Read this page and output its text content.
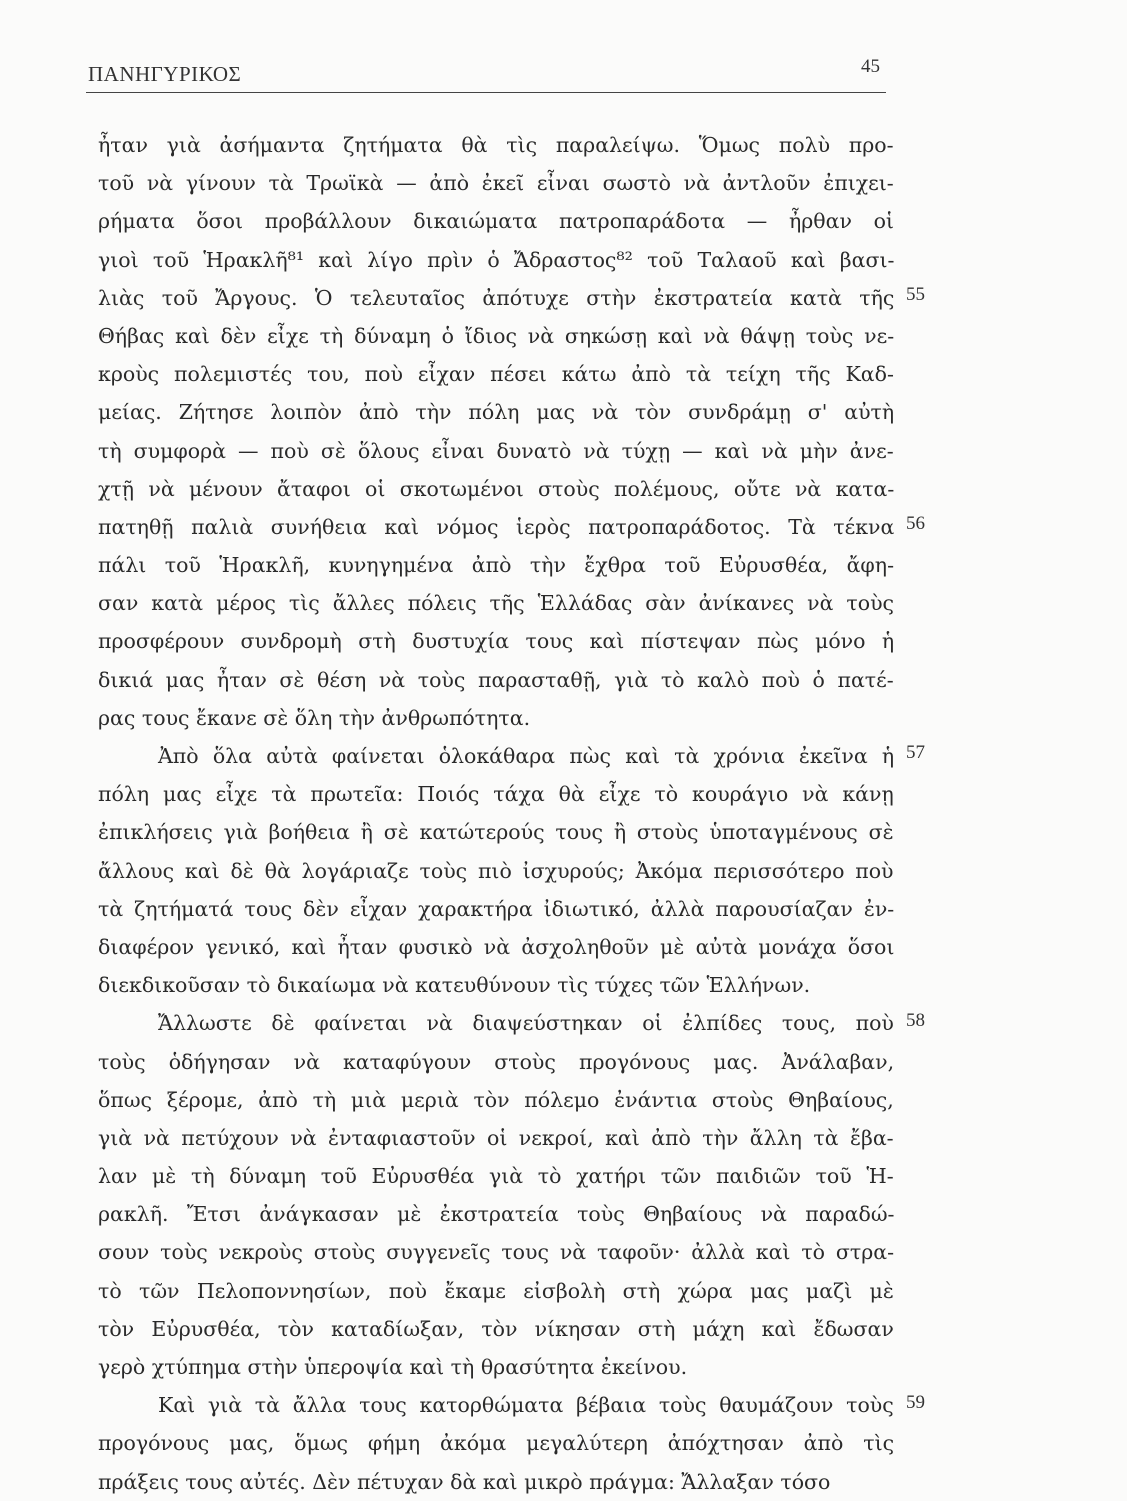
ΠΑΝΗΓΥΡΙΚΟΣ	45
ἦταν γιὰ ἀσήμαντα ζητήματα θὰ τὶς παραλείψω. Ὅμως πολὺ προ-
τοῦ νὰ γίνουν τὰ Τρωϊκὰ — ἀπὸ ἐκεῖ εἶναι σωστὸ νὰ ἀντλοῦν ἐπιχει-
ρήματα ὅσοι προβάλλουν δικαιώματα πατροπαράδοτα — ἦρθαν οἱ
γιοὶ τοῦ Ἡρακλῆ⁸¹ καὶ λίγο πρὶν ὁ Ἄδραστος⁸² τοῦ Ταλαοῦ καὶ βασι-
λιὰς τοῦ Ἄργους. Ὁ τελευταῖος ἀπότυχε στὴν ἐκστρατεία κατὰ τῆς
Θήβας καὶ δὲν εἶχε τὴ δύναμη ὁ ἴδιος νὰ σηκώσῃ καὶ νὰ θάψῃ τοὺς νε-
κροὺς πολεμιστές του, ποὺ εἶχαν πέσει κάτω ἀπὸ τὰ τείχη τῆς Καδ-
μείας. Ζήτησε λοιπὸν ἀπὸ τὴν πόλη μας νὰ τὸν συνδράμῃ σ' αὐτὴ
τὴ συμφορὰ — ποὺ σὲ ὅλους εἶναι δυνατὸ νὰ τύχῃ — καὶ νὰ μὴν ἀνε-
χτῇ νὰ μένουν ἄταφοι οἱ σκοτωμένοι στοὺς πολέμους, οὔτε νὰ κατα-
πατηθῇ παλιὰ συνήθεια καὶ νόμος ἱερὸς πατροπαράδοτος. Τὰ τέκνα
πάλι τοῦ Ἡρακλῆ, κυνηγημένα ἀπὸ τὴν ἔχθρα τοῦ Εὐρυσθέα, ἄφη-
σαν κατὰ μέρος τὶς ἄλλες πόλεις τῆς Ἑλλάδας σὰν ἀνίκανες νὰ τοὺς
προσφέρουν συνδρομὴ στὴ δυστυχία τους καὶ πίστεψαν πὼς μόνο ἡ
δικιά μας ἦταν σὲ θέση νὰ τοὺς παρασταθῇ, γιὰ τὸ καλὸ ποὺ ὁ πατέ-
ρας τους ἔκανε σὲ ὅλη τὴν ἀνθρωπότητα.
Ἀπὸ ὅλα αὐτὰ φαίνεται ὁλοκάθαρα πὼς καὶ τὰ χρόνια ἐκεῖνα ἡ
πόλη μας εἶχε τὰ πρωτεῖα: Ποιός τάχα θὰ εἶχε τὸ κουράγιο νὰ κάνῃ
ἐπικλήσεις γιὰ βοήθεια ἢ σὲ κατώτερούς τους ἢ στοὺς ὑποταγμένους σὲ
ἄλλους καὶ δὲ θὰ λογάριαζε τοὺς πιὸ ἰσχυρούς; Ἀκόμα περισσότερο ποὺ
τὰ ζητήματά τους δὲν εἶχαν χαρακτήρα ἰδιωτικό, ἀλλὰ παρουσίαζαν ἐν-
διαφέρον γενικό, καὶ ἦταν φυσικὸ νὰ ἀσχοληθοῦν μὲ αὐτὰ μονάχα ὅσοι
διεκδικοῦσαν τὸ δικαίωμα νὰ κατευθύνουν τὶς τύχες τῶν Ἑλλήνων.
Ἄλλωστε δὲ φαίνεται νὰ διαψεύστηκαν οἱ ἐλπίδες τους, ποὺ
τοὺς ὁδήγησαν νὰ καταφύγουν στοὺς προγόνους μας. Ἀνάλαβαν,
ὅπως ξέρομε, ἀπὸ τὴ μιὰ μεριὰ τὸν πόλεμο ἐνάντια στοὺς Θηβαίους,
γιὰ νὰ πετύχουν νὰ ἐνταφιαστοῦν οἱ νεκροί, καὶ ἀπὸ τὴν ἄλλη τὰ ἔβα-
λαν μὲ τὴ δύναμη τοῦ Εὐρυσθέα γιὰ τὸ χατήρι τῶν παιδιῶν τοῦ Ἡ-
ρακλῆ. Ἔτσι ἀνάγκασαν μὲ ἐκστρατεία τοὺς Θηβαίους νὰ παραδώ-
σουν τοὺς νεκροὺς στοὺς συγγενεῖς τους νὰ ταφοῦν· ἀλλὰ καὶ τὸ στρα-
τὸ τῶν Πελοποννησίων, ποὺ ἔκαμε εἰσβολὴ στὴ χώρα μας μαζὶ μὲ
τὸν Εὐρυσθέα, τὸν καταδίωξαν, τὸν νίκησαν στὴ μάχη καὶ ἔδωσαν
γερὸ χτύπημα στὴν ὑπεροψία καὶ τὴ θρασύτητα ἐκείνου.
Καὶ γιὰ τὰ ἄλλα τους κατορθώματα βέβαια τοὺς θαυμάζουν τοὺς
προγόνους μας, ὅμως φήμη ἀκόμα μεγαλύτερη ἀπόχτησαν ἀπὸ τὶς
πράξεις τους αὐτές. Δὲν πέτυχαν δὰ καὶ μικρὸ πράγμα: Ἄλλαξαν τόσο
55
56
57
58
59
